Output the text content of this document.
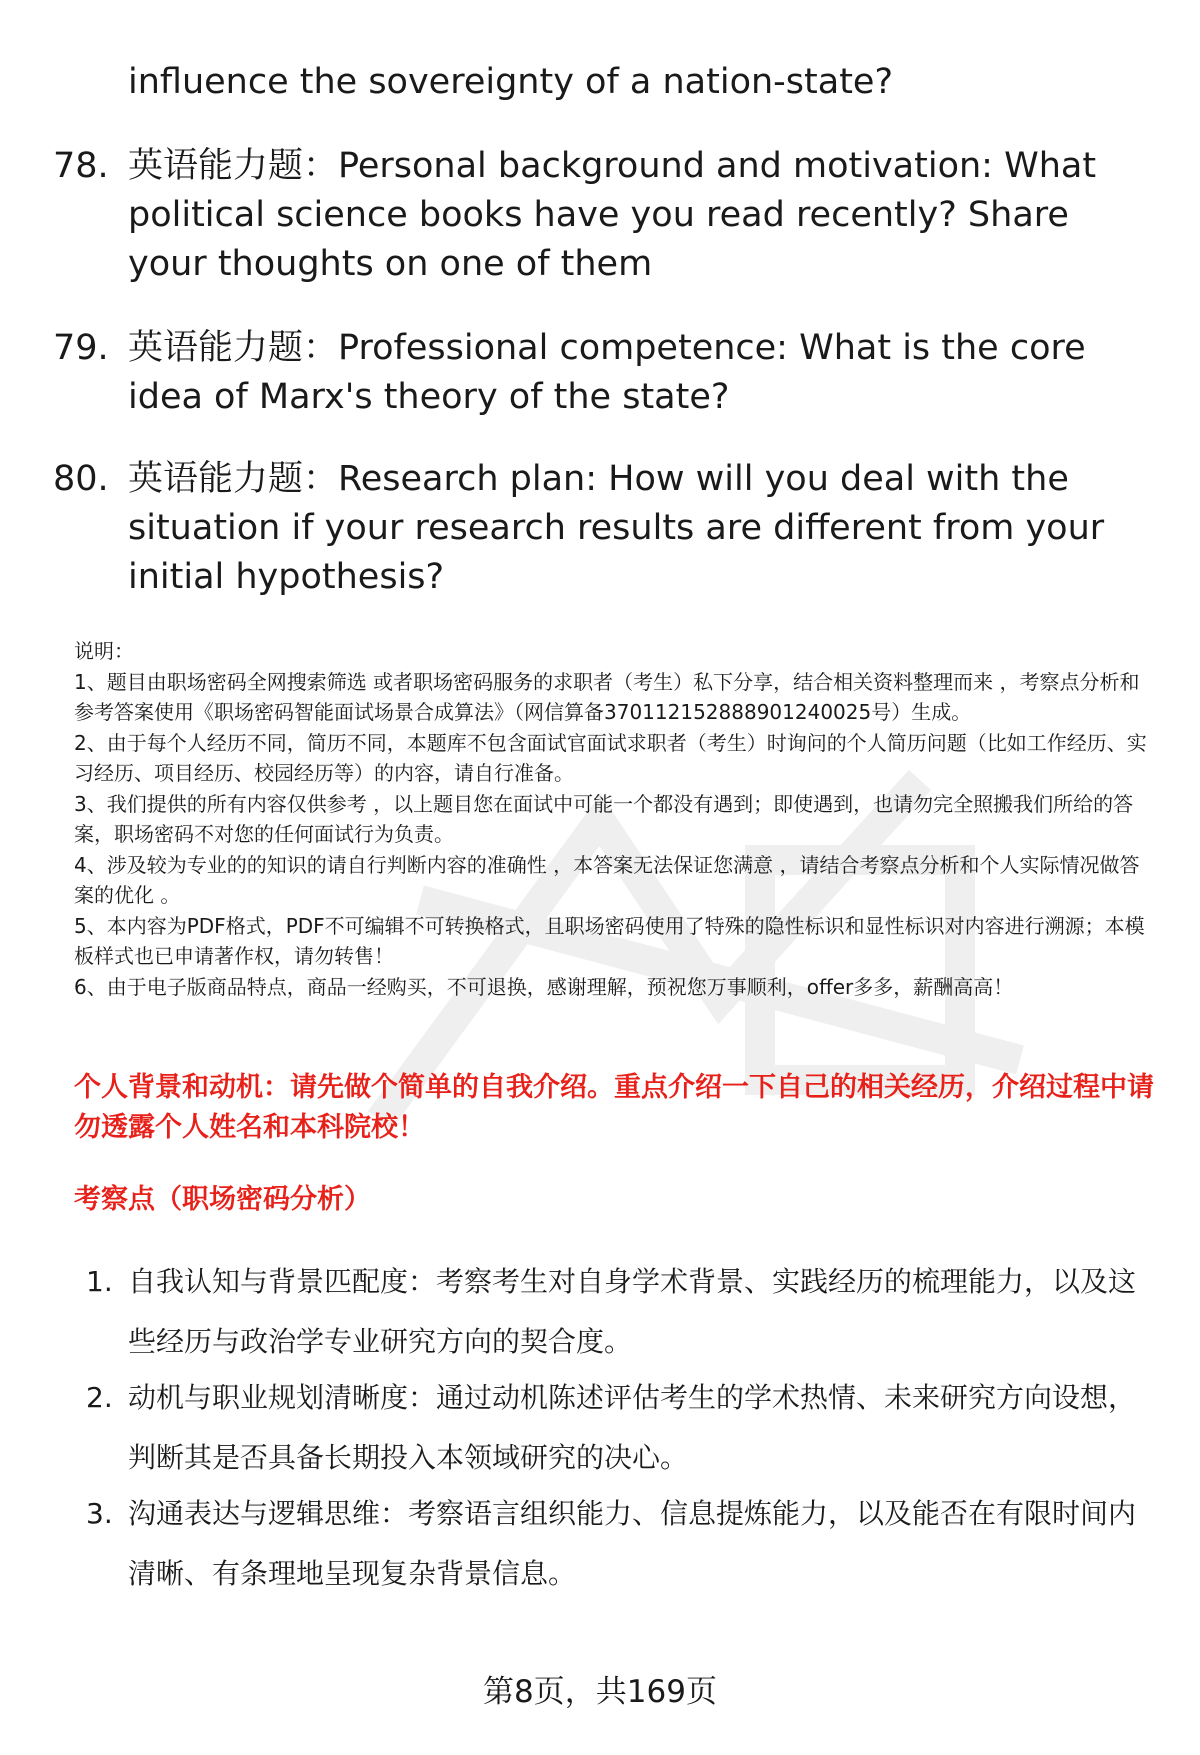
influence the sovereignty of a nation-state?

78. 英语能力题：Personal background and motivation: What political science books have you read recently? Share your thoughts on one of them

79. 英语能力题：Professional competence: What is the core idea of Marx's theory of the state?

80. 英语能力题：Research plan: How will you deal with the situation if your research results are different from your initial hypothesis?

说明：

1、题目由职场密码全网搜索筛选 或者职场密码服务的求职者（考生）私下分享，结合相关资料整理而来 ，考察点分析和参考答案使用《职场密码智能面试场景合成算法》（网信算备370112152888901240025号）生成。

2、由于每个人经历不同，简历不同，本题库不包含面试官面试求职者（考生）时询问的个人简历问题（比如工作经历、实习经历、项目经历、校园经历等）的内容，请自行准备。

3、我们提供的所有内容仅供参考 ，以上题目您在面试中可能一个都没有遇到；即使遇到，也请勿完全照搬我们所给的答案，职场密码不对您的任何面试行为负责。

4、涉及较为专业的的知识的请自行判断内容的准确性 ，本答案无法保证您满意 ，请结合考察点分析和个人实际情况做答案的优化 。

5、本内容为PDF格式，PDF不可编辑不可转换格式，且职场密码使用了特殊的隐性标识和显性标识对内容进行溯源；本模板样式也已申请著作权，请勿转售！

6、由于电子版商品特点，商品一经购买，不可退换，感谢理解，预祝您万事顺利，offer多多，薪酬高高！

个人背景和动机：请先做个简单的自我介绍。重点介绍一下自己的相关经历，介绍过程中请勿透露个人姓名和本科院校！

考察点（职场密码分析）

1. 自我认知与背景匹配度：考察考生对自身学术背景、实践经历的梳理能力，以及这些经历与政治学专业研究方向的契合度。

2. 动机与职业规划清晰度：通过动机陈述评估考生的学术热情、未来研究方向设想，判断其是否具备长期投入本领域研究的决心。

3. 沟通表达与逻辑思维：考察语言组织能力、信息提炼能力，以及能否在有限时间内清晰、有条理地呈现复杂背景信息。

第8页，共169页
